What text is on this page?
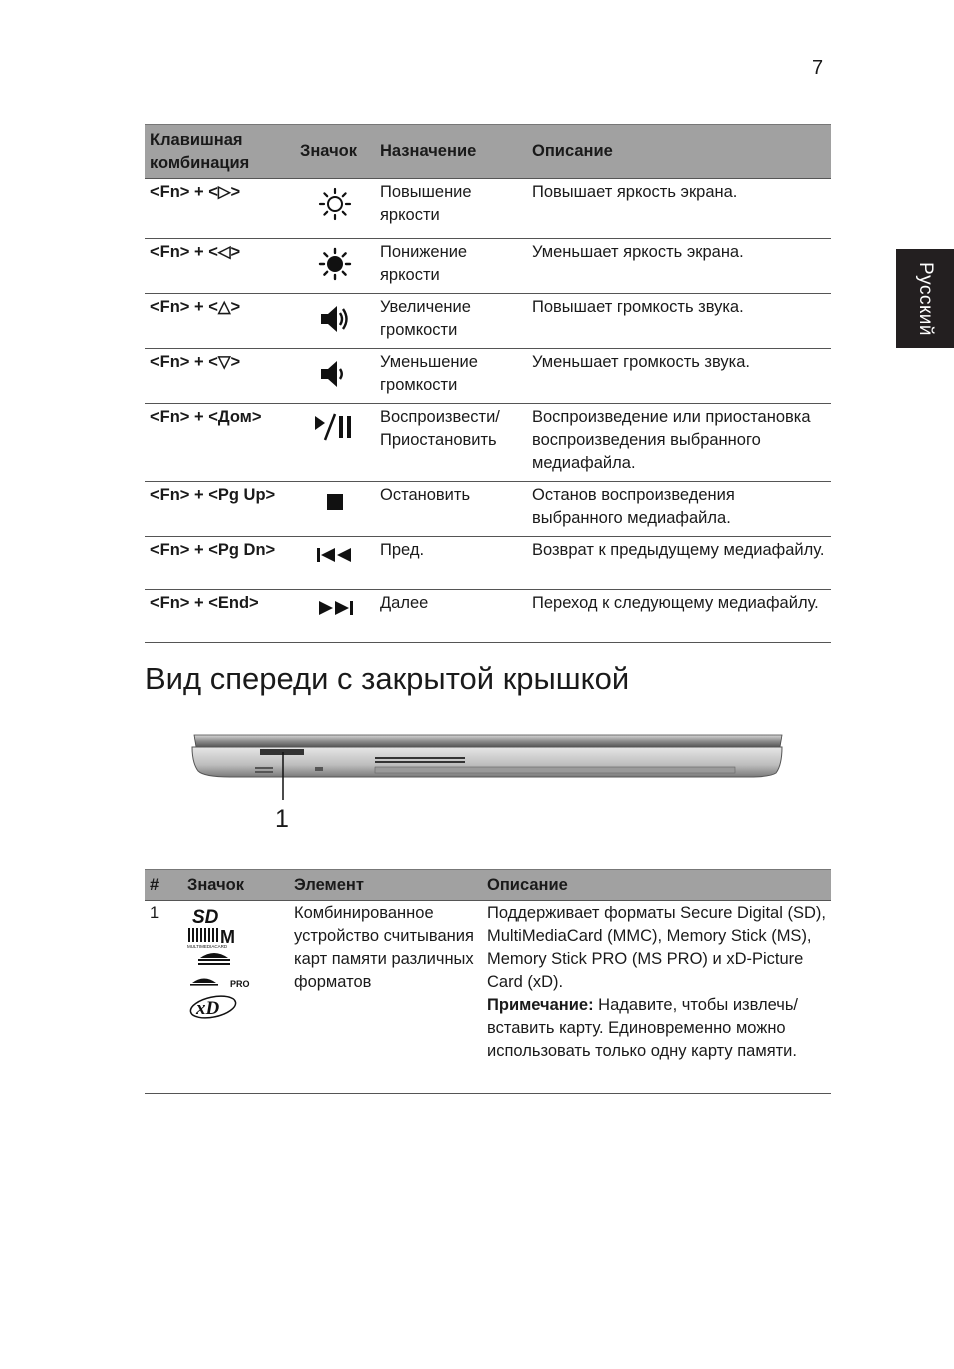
7
Русский
Клавишная комбинация	Значок	Назначение	Описание
<Fn> + <▷>		Повышение яркости	Повышает яркость экрана.
<Fn> + <◁>		Понижение яркости	Уменьшает яркость экрана.
<Fn> + <△>		Увеличение громкости	Повышает громкость звука.
<Fn> + <▽>		Уменьшение громкости	Уменьшает громкость звука.
<Fn> + <Дом>		Воспроизвести/ Приостановить	Воспроизведение или приостановка воспроизведения выбранного медиафайла.
<Fn> + <Pg Up>		Остановить	Останов воспроизведения выбранного медиафайла.
<Fn> + <Pg Dn>		Пред.	Возврат к предыдущему медиафайлу.
<Fn> + <End>		Далее	Переход к следующему медиафайлу.
Вид спереди с закрытой крышкой
1
#	Значок	Элемент	Описание
1		Комбинированное устройство считывания карт памяти различных форматов	Поддерживает форматы Secure Digital (SD), MultiMediaCard (MMC), Memory Stick (MS), Memory Stick PRO (MS PRO) и xD-Picture Card (xD).
Примечание: Надавите, чтобы извлечь/вставить карту. Единовременно можно использовать только одну карту памяти.
SD
M
MULTIMEDIACARD
PRO
xD
